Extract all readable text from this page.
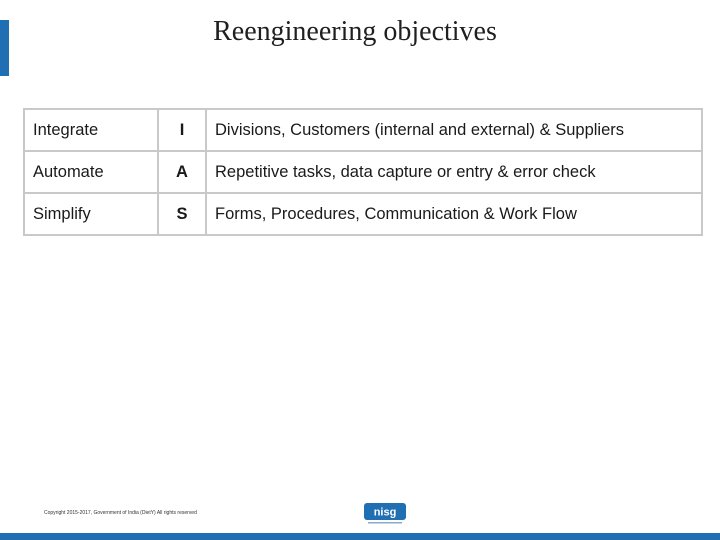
Reengineering objectives
Integrate	I	Divisions, Customers (internal and external) & Suppliers
Automate	A	Repetitive tasks, data capture or entry & error check
Simplify	S	Forms, Procedures, Communication & Work Flow
Copyright 2015-2017, Government of India (DietY) All rights reserved	nisg
